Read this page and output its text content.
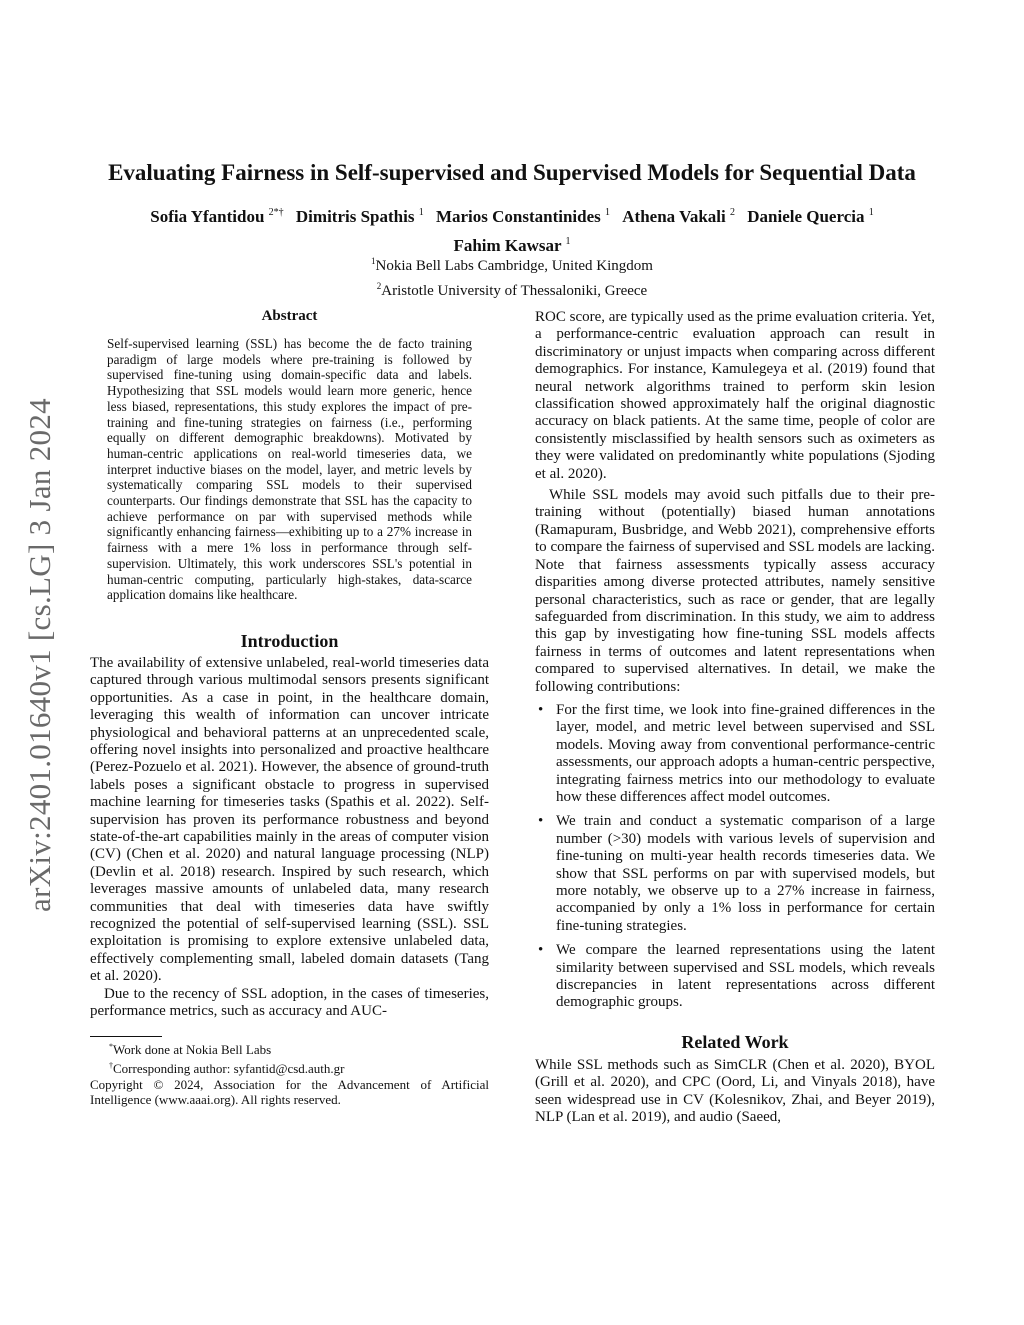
arXiv:2401.01640v1 [cs.LG] 3 Jan 2024
Evaluating Fairness in Self-supervised and Supervised Models for Sequential Data
Sofia Yfantidou $^{2*\dagger}$ Dimitris Spathis $^1$ Marios Constantinides $^1$ Athena Vakali $^2$ Daniele Quercia $^1$
Fahim Kawsar $^1$
$^1$Nokia Bell Labs Cambridge, United Kingdom
$^2$Aristotle University of Thessaloniki, Greece
Abstract

Self-supervised learning (SSL) has become the de facto training paradigm of large models where pre-training is followed by supervised fine-tuning using domain-specific data and labels. Hypothesizing that SSL models would learn more generic, hence less biased, representations, this study explores the impact of pre-training and fine-tuning strategies on fairness (i.e., performing equally on different demographic breakdowns). Motivated by human-centric applications on real-world timeseries data, we interpret inductive biases on the model, layer, and metric levels by systematically comparing SSL models to their supervised counterparts. Our findings demonstrate that SSL has the capacity to achieve performance on par with supervised methods while significantly enhancing fairness—exhibiting up to a 27% increase in fairness with a mere 1% loss in performance through self-supervision. Ultimately, this work underscores SSL's potential in human-centric computing, particularly high-stakes, data-scarce application domains like healthcare.

Introduction

The availability of extensive unlabeled, real-world timeseries data captured through various multimodal sensors presents significant opportunities. As a case in point, in the healthcare domain, leveraging this wealth of information can uncover intricate physiological and behavioral patterns at an unprecedented scale, offering novel insights into personalized and proactive healthcare (Perez-Pozuelo et al. 2021). However, the absence of ground-truth labels poses a significant obstacle to progress in supervised machine learning for timeseries tasks (Spathis et al. 2022). Self-supervision has proven its performance robustness and beyond state-of-the-art capabilities mainly in the areas of computer vision (CV) (Chen et al. 2020) and natural language processing (NLP) (Devlin et al. 2018) research. Inspired by such research, which leverages massive amounts of unlabeled data, many research communities that deal with timeseries data have swiftly recognized the potential of self-supervised learning (SSL). SSL exploitation is promising to explore extensive unlabeled data, effectively complementing small, labeled domain datasets (Tang et al. 2020).

Due to the recency of SSL adoption, in the cases of timeseries, performance metrics, such as accuracy and AUC-

*Work done at Nokia Bell Labs

†Corresponding author: syfantid@csd.auth.gr

Copyright © 2024, Association for the Advancement of Artificial Intelligence (www.aaai.org). All rights reserved.

ROC score, are typically used as the prime evaluation criteria. Yet, a performance-centric evaluation approach can result in discriminatory or unjust impacts when comparing across different demographics. For instance, Kamulegeya et al. (2019) found that neural network algorithms trained to perform skin lesion classification showed approximately half the original diagnostic accuracy on black patients. At the same time, people of color are consistently misclassified by health sensors such as oximeters as they were validated on predominantly white populations (Sjoding et al. 2020).

While SSL models may avoid such pitfalls due to their pre-training without (potentially) biased human annotations (Ramapuram, Busbridge, and Webb 2021), comprehensive efforts to compare the fairness of supervised and SSL models are lacking. Note that fairness assessments typically assess accuracy disparities among diverse protected attributes, namely sensitive personal characteristics, such as race or gender, that are legally safeguarded from discrimination. In this study, we aim to address this gap by investigating how fine-tuning SSL models affects fairness in terms of outcomes and latent representations when compared to supervised alternatives. In detail, we make the following contributions:

• For the first time, we look into fine-grained differences in the layer, model, and metric level between supervised and SSL models. Moving away from conventional performance-centric assessments, our approach adopts a human-centric perspective, integrating fairness metrics into our methodology to evaluate how these differences affect model outcomes.
• We train and conduct a systematic comparison of a large number (>30) models with various levels of supervision and fine-tuning on multi-year health records timeseries data. We show that SSL performs on par with supervised models, but more notably, we observe up to a 27% increase in fairness, accompanied by only a 1% loss in performance for certain fine-tuning strategies.
• We compare the learned representations using the latent similarity between supervised and SSL models, which reveals discrepancies in latent representations across different demographic groups.
Related Work

While SSL methods such as SimCLR (Chen et al. 2020), BYOL (Grill et al. 2020), and CPC (Oord, Li, and Vinyals 2018), have seen widespread use in CV (Kolesnikov, Zhai, and Beyer 2019), NLP (Lan et al. 2019), and audio (Saeed,
